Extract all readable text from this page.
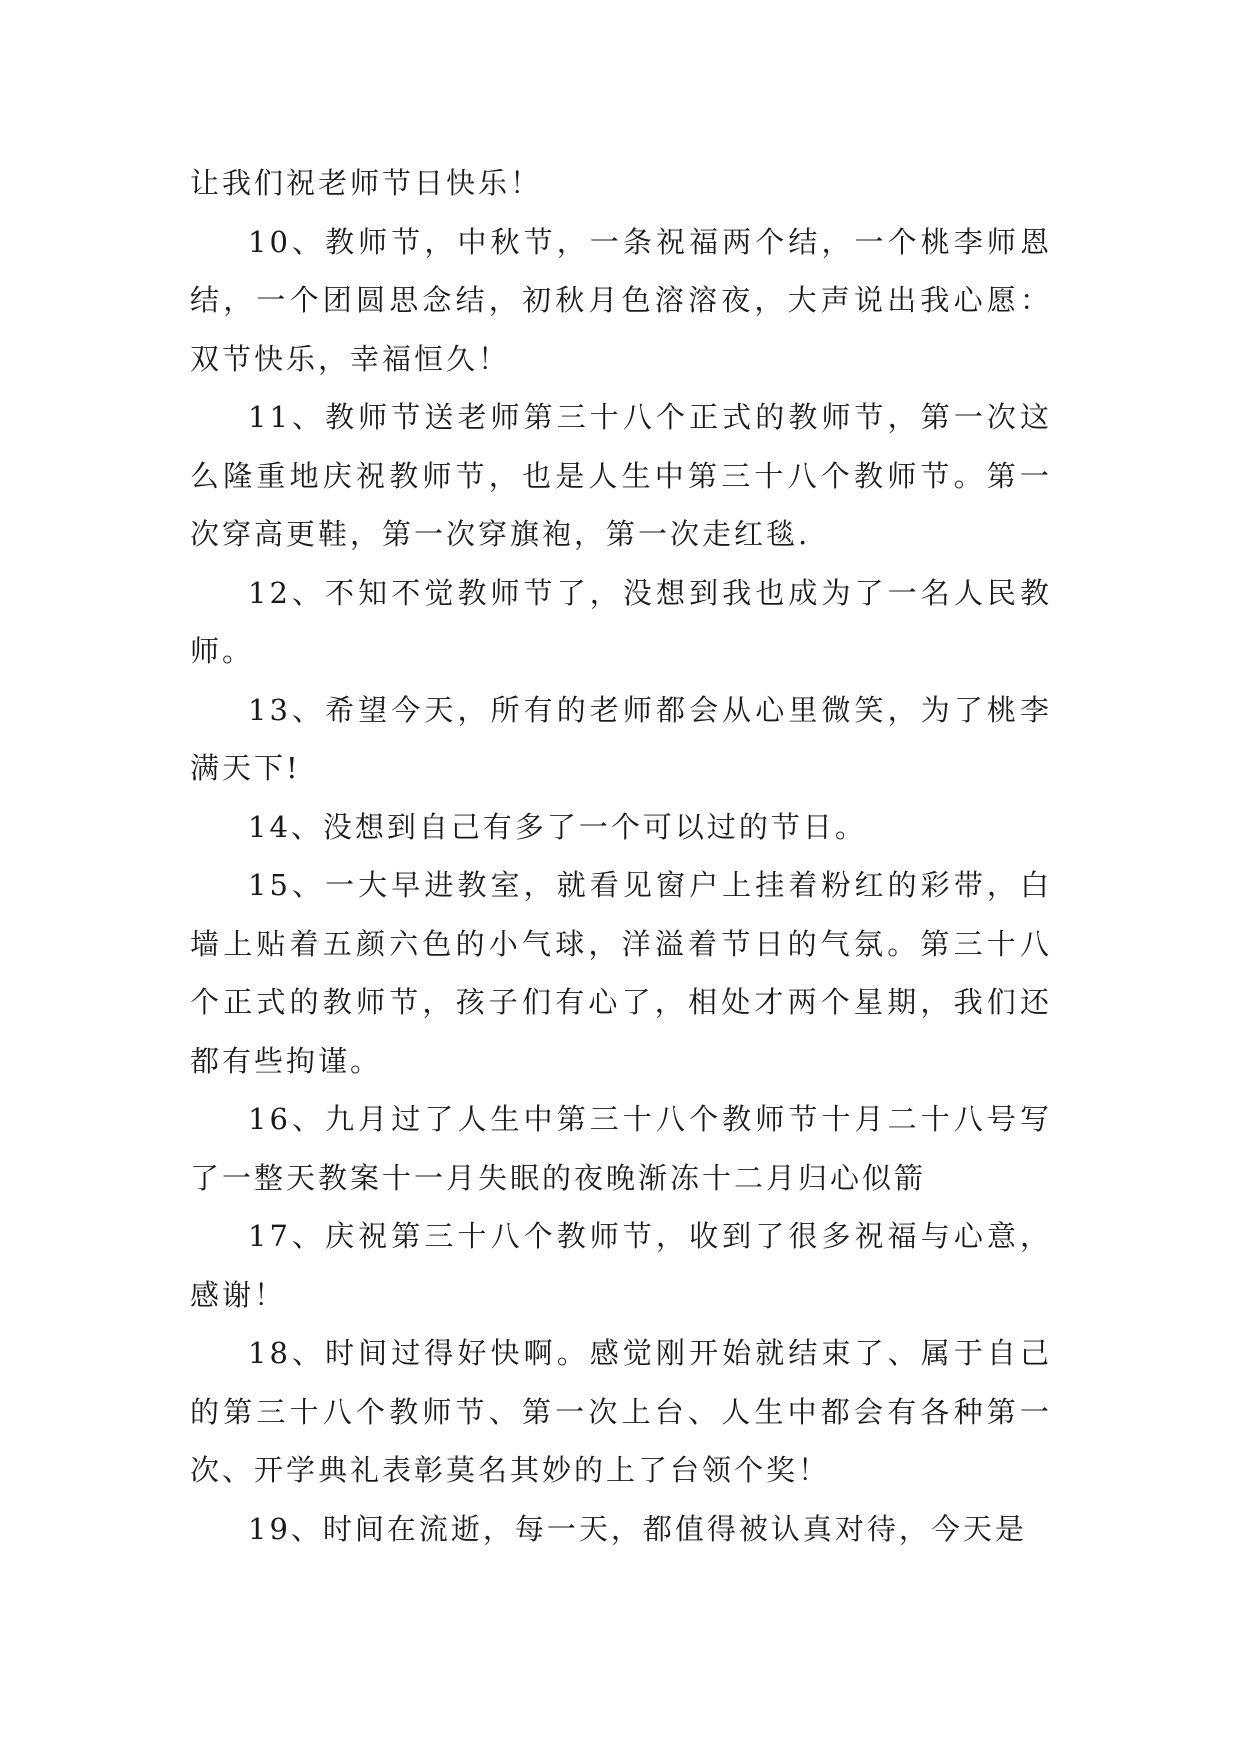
让我们祝老师节日快乐！

10、教师节，中秋节，一条祝福两个结，一个桃李师恩结，一个团圆思念结，初秋月色溶溶夜，大声说出我心愿：双节快乐，幸福恒久！

11、教师节送老师第三十八个正式的教师节，第一次这么隆重地庆祝教师节，也是人生中第三十八个教师节。第一次穿高更鞋，第一次穿旗袍，第一次走红毯.

12、不知不觉教师节了，没想到我也成为了一名人民教师。

13、希望今天，所有的老师都会从心里微笑，为了桃李满天下!

14、没想到自己有多了一个可以过的节日。

15、一大早进教室，就看见窗户上挂着粉红的彩带，白墙上贴着五颜六色的小气球，洋溢着节日的气氛。第三十八个正式的教师节，孩子们有心了，相处才两个星期，我们还都有些拘谨。

16、九月过了人生中第三十八个教师节十月二十八号写了一整天教案十一月失眠的夜晚渐冻十二月归心似箭

17、庆祝第三十八个教师节，收到了很多祝福与心意，感谢！

18、时间过得好快啊。感觉刚开始就结束了、属于自己的第三十八个教师节、第一次上台、人生中都会有各种第一次、开学典礼表彰莫名其妙的上了台领个奖！

19、时间在流逝，每一天，都值得被认真对待，今天是
